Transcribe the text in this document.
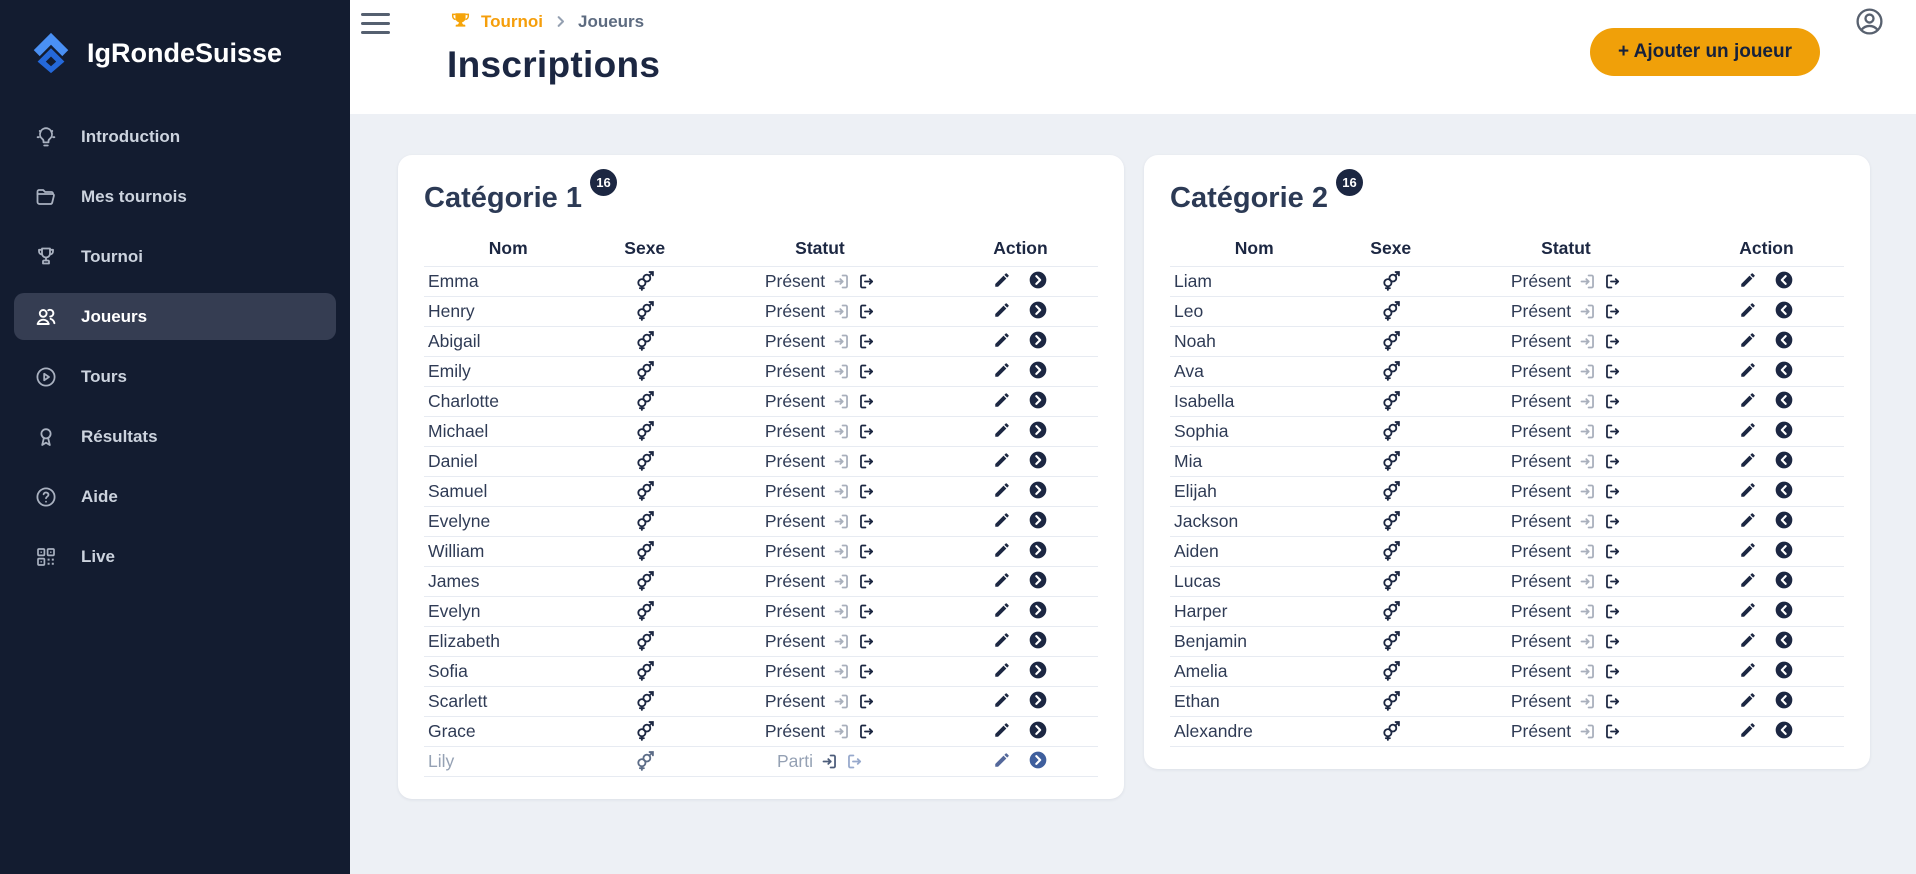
IgRondeSuisse
Introduction
Mes tournois
Tournoi
Joueurs
Tours
Résultats
Aide
Live
Tournoi Joueurs
Inscriptions	+ Ajouter un joueur
Catégorie 1 16
Nom	Sexe	Statut	Action
Emma		Présent

Henry		Présent

Abigail		Présent

Emily		Présent

Charlotte		Présent

Michael		Présent

Daniel		Présent

Samuel		Présent

Evelyne		Présent

William		Présent

James		Présent

Evelyn		Présent

Elizabeth		Présent

Sofia		Présent

Scarlett		Présent

Grace		Présent

Lily		Parti

Catégorie 2 16
Nom	Sexe	Statut	Action
Liam		Présent

Leo		Présent

Noah		Présent

Ava		Présent

Isabella		Présent

Sophia		Présent

Mia		Présent

Elijah		Présent

Jackson		Présent

Aiden		Présent

Lucas		Présent

Harper		Présent

Benjamin		Présent

Amelia		Présent

Ethan		Présent

Alexandre		Présent
